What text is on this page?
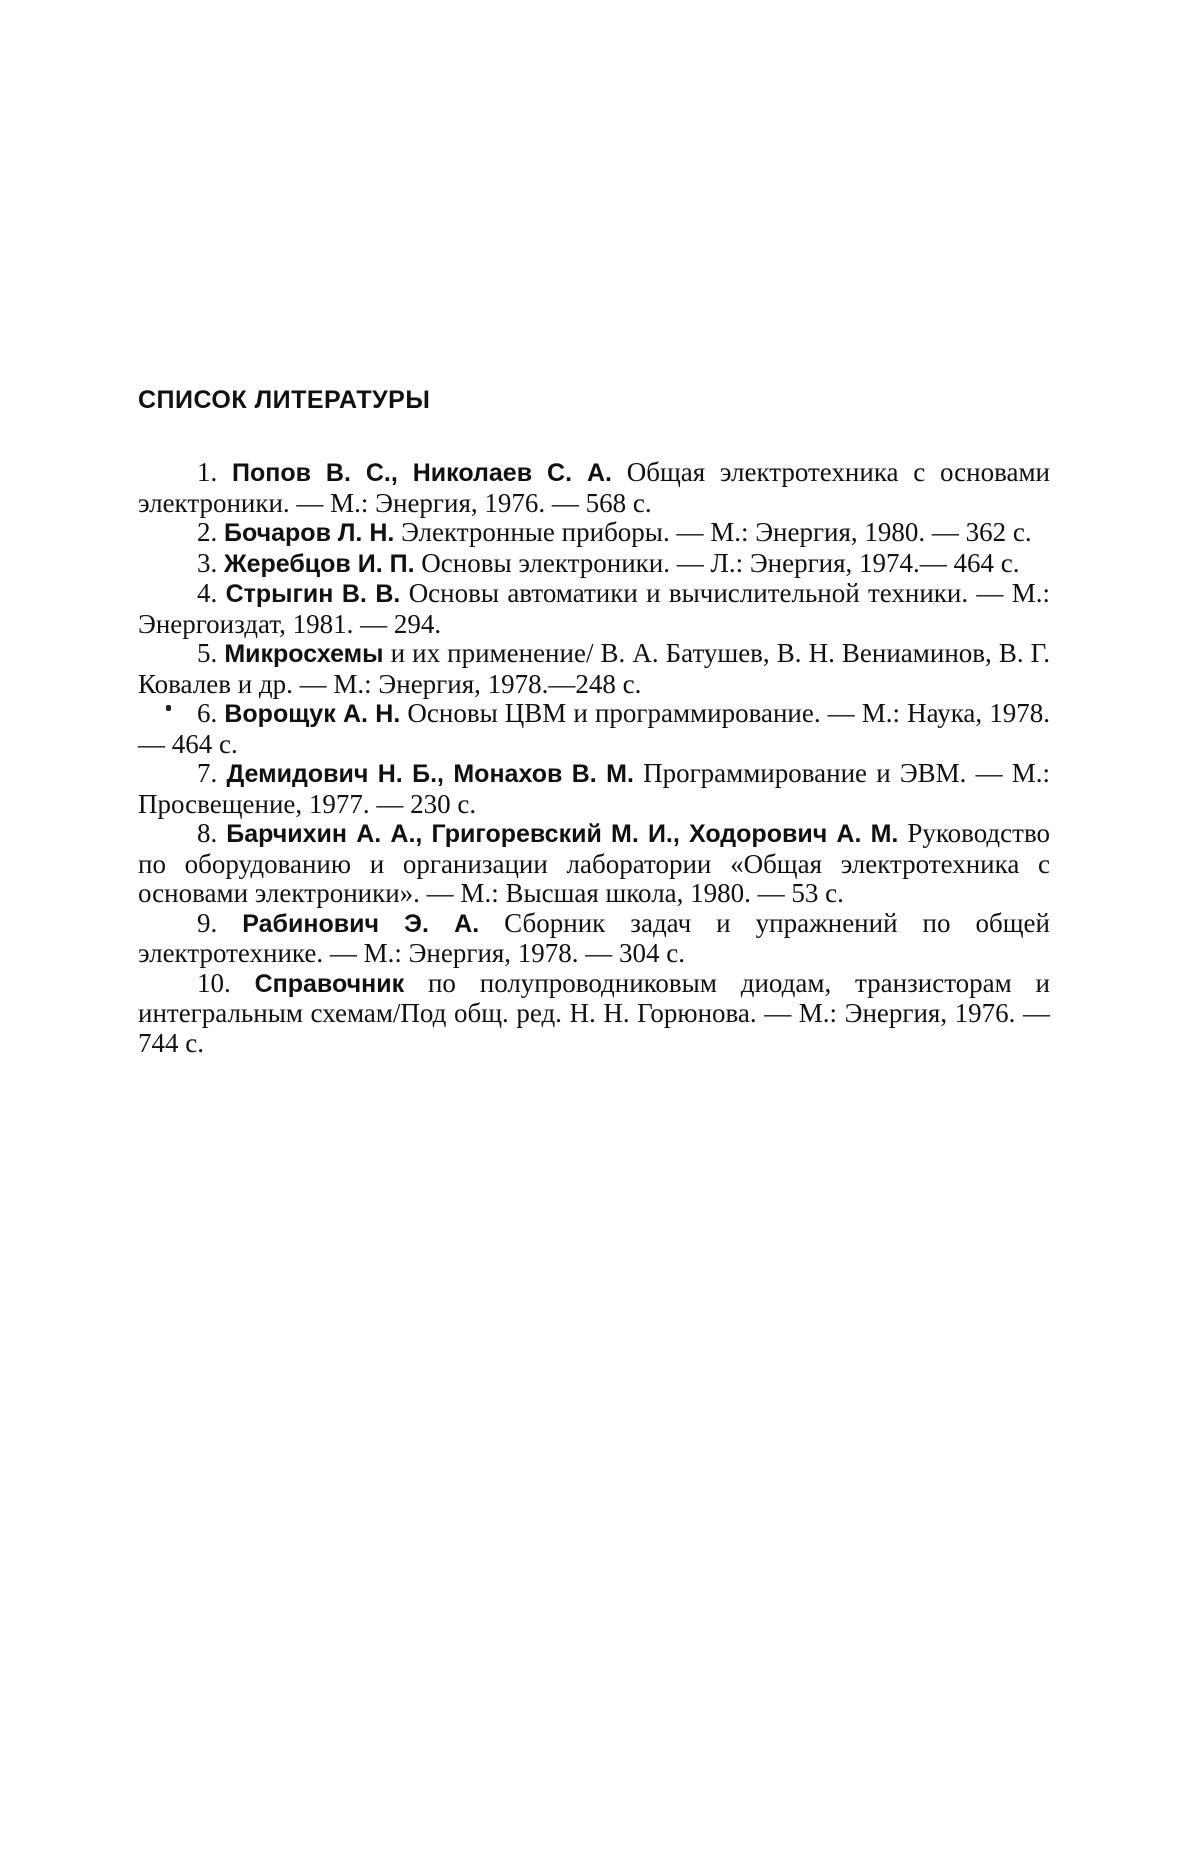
СПИСОК ЛИТЕРАТУРЫ

1. Попов В. С., Николаев С. А. Общая электротехника с основами электроники. — М.: Энергия, 1976. — 568 с.

2. Бочаров Л. Н. Электронные приборы. — М.: Энергия, 1980. — 362 с.

3. Жеребцов И. П. Основы электроники. — Л.: Энергия, 1974.— 464 с.

4. Стрыгин В. В. Основы автоматики и вычислительной техники. — М.: Энергоиздат, 1981. — 294.

5. Микросхемы и их применение/ В. А. Батушев, В. Н. Вениаминов, В. Г. Ковалев и др. — М.: Энергия, 1978.—248 с.

6. Ворощук А. Н. Основы ЦВМ и программирование. — М.: Наука, 1978. — 464 с.

7. Демидович Н. Б., Монахов В. М. Программирование и ЭВМ. — М.: Просвещение, 1977. — 230 с.

8. Барчихин А. А., Григоревский М. И., Ходорович А. М. Руководство по оборудованию и организации лаборатории «Общая электротехника с основами электроники». — М.: Высшая школа, 1980. — 53 с.

9. Рабинович Э. А. Сборник задач и упражнений по общей электротехнике. — М.: Энергия, 1978. — 304 с.

10. Справочник по полупроводниковым диодам, транзисторам и интегральным схемам/Под общ. ред. Н. Н. Горюнова. — М.: Энергия, 1976. — 744 с.
